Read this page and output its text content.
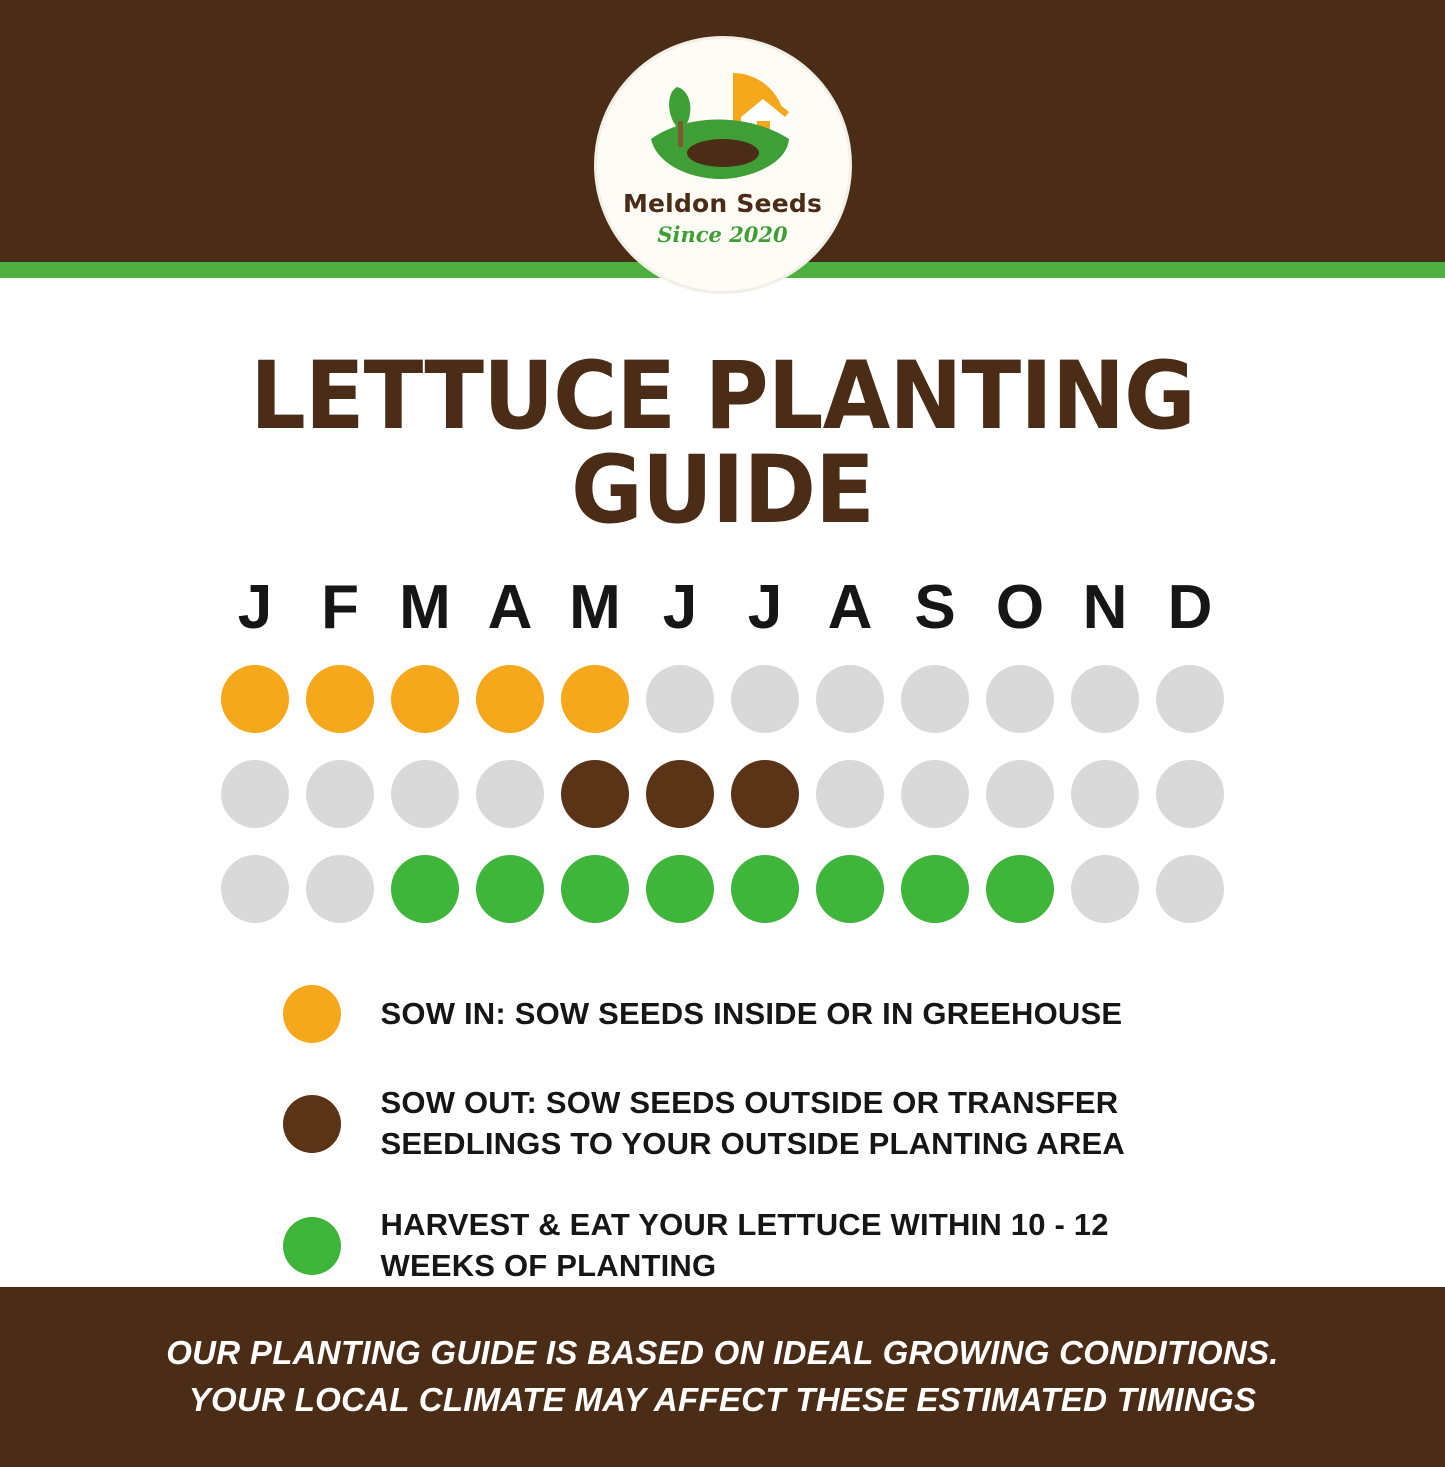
Meldon Seeds
Since 2020
LETTUCE PLANTING GUIDE
J F M A M J J A S O N D
SOW IN: SOW SEEDS INSIDE OR IN GREEHOUSE
SOW OUT: SOW SEEDS OUTSIDE OR TRANSFER SEEDLINGS TO YOUR OUTSIDE PLANTING AREA
HARVEST & EAT YOUR LETTUCE WITHIN 10 - 12 WEEKS OF PLANTING
OUR PLANTING GUIDE IS BASED ON IDEAL GROWING CONDITIONS.
YOUR LOCAL CLIMATE MAY AFFECT THESE ESTIMATED TIMINGS
